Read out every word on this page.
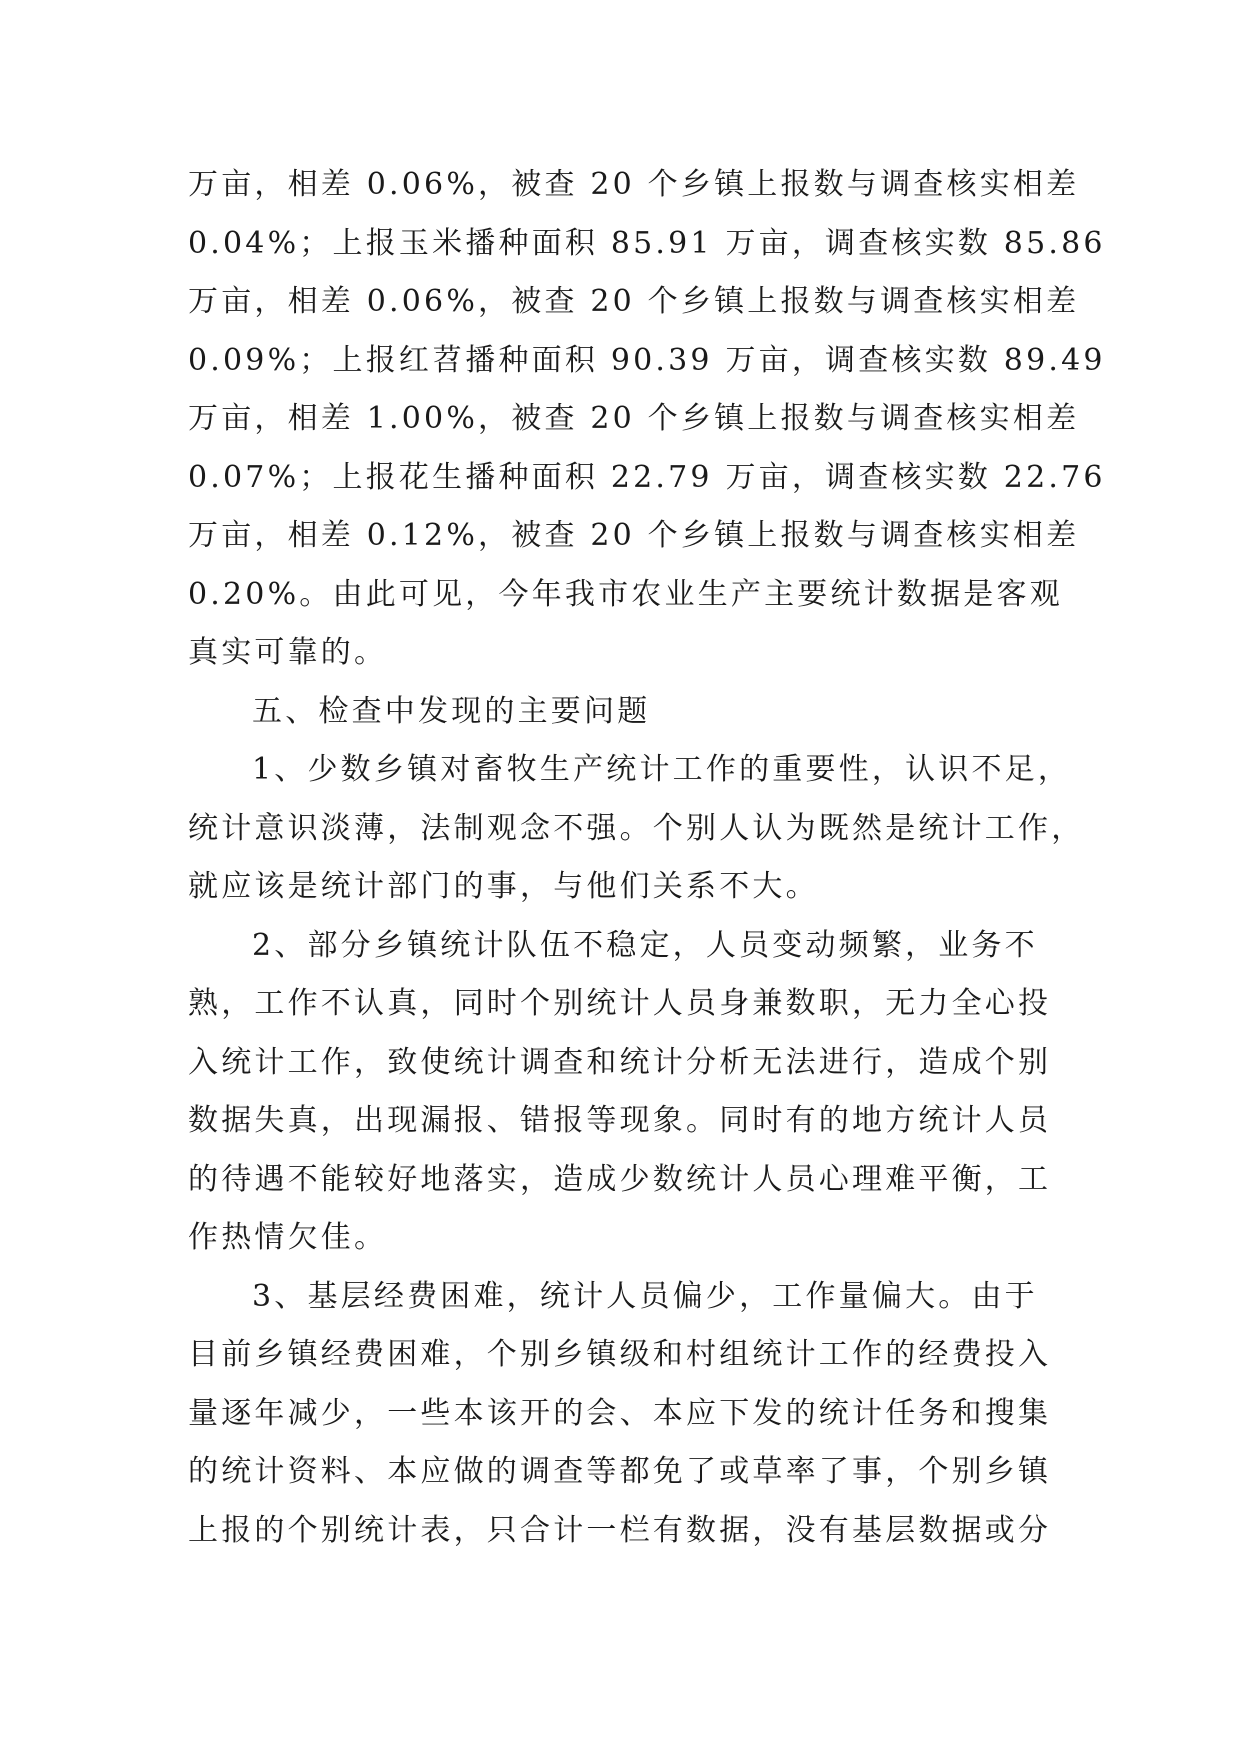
万亩，相差 0.06%，被查 20 个乡镇上报数与调查核实相差
0.04%；上报玉米播种面积 85.91 万亩，调查核实数 85.86
万亩，相差 0.06%，被查 20 个乡镇上报数与调查核实相差
0.09%；上报红苕播种面积 90.39 万亩，调查核实数 89.49
万亩，相差 1.00%，被查 20 个乡镇上报数与调查核实相差
0.07%；上报花生播种面积 22.79 万亩，调查核实数 22.76
万亩，相差 0.12%，被查 20 个乡镇上报数与调查核实相差
0.20%。由此可见，今年我市农业生产主要统计数据是客观
真实可靠的。
五、检查中发现的主要问题
1、少数乡镇对畜牧生产统计工作的重要性，认识不足，
统计意识淡薄，法制观念不强。个别人认为既然是统计工作，
就应该是统计部门的事，与他们关系不大。
2、部分乡镇统计队伍不稳定，人员变动频繁，业务不
熟，工作不认真，同时个别统计人员身兼数职，无力全心投
入统计工作，致使统计调查和统计分析无法进行，造成个别
数据失真，出现漏报、错报等现象。同时有的地方统计人员
的待遇不能较好地落实，造成少数统计人员心理难平衡，工
作热情欠佳。
3、基层经费困难，统计人员偏少，工作量偏大。由于
目前乡镇经费困难，个别乡镇级和村组统计工作的经费投入
量逐年减少，一些本该开的会、本应下发的统计任务和搜集
的统计资料、本应做的调查等都免了或草率了事，个别乡镇
上报的个别统计表，只合计一栏有数据，没有基层数据或分
